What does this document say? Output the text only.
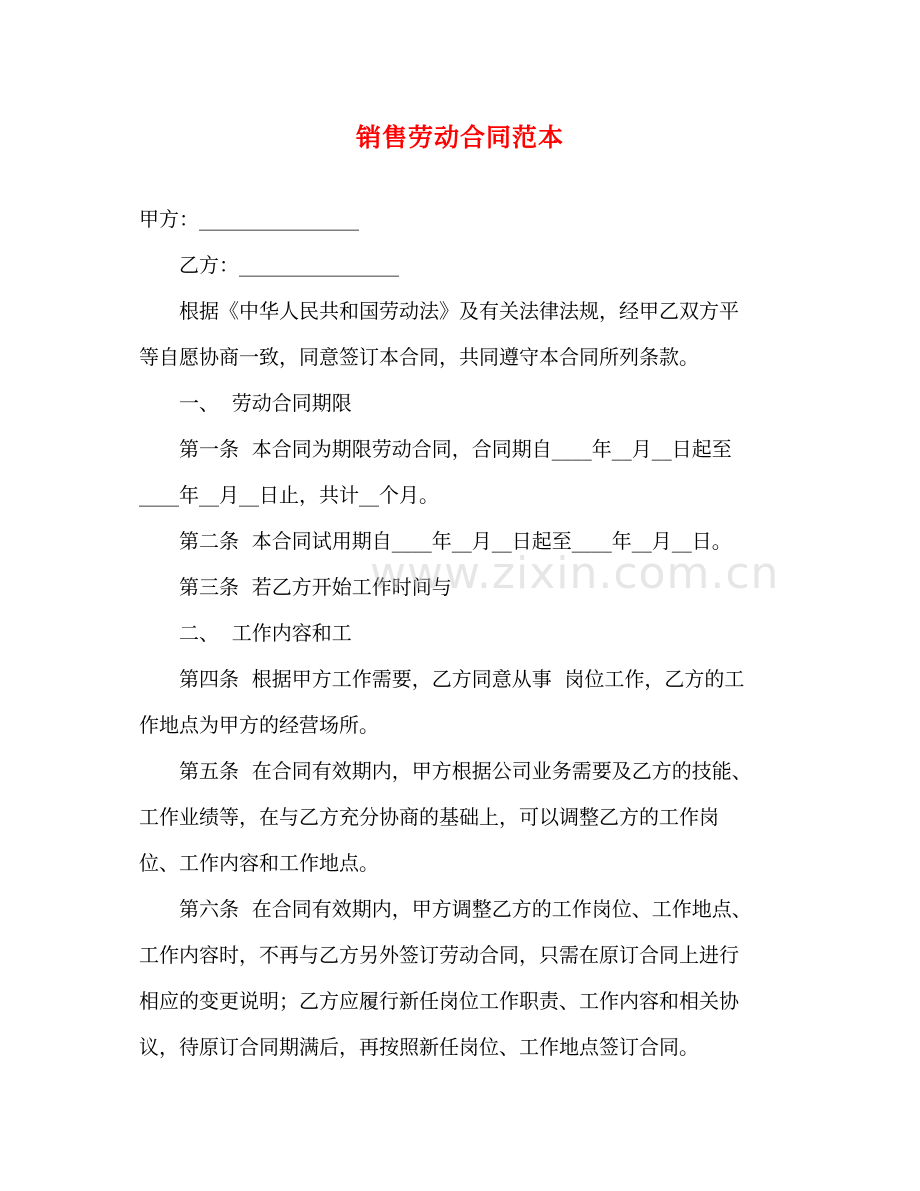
销售劳动合同范本

甲方：________________

乙方：________________

根据《中华人民共和国劳动法》及有关法律法规，经甲乙双方平

等自愿协商一致，同意签订本合同，共同遵守本合同所列条款。

一、  劳动合同期限

第一条  本合同为期限劳动合同，合同期自____年__月__日起至

____年__月__日止，共计__个月。

第二条  本合同试用期自____年__月__日起至____年__月__日。

第三条  若乙方开始工作时间与

二、  工作内容和工

第四条  根据甲方工作需要，乙方同意从事  岗位工作，乙方的工

作地点为甲方的经营场所。

第五条  在合同有效期内，甲方根据公司业务需要及乙方的技能、

工作业绩等，在与乙方充分协商的基础上，可以调整乙方的工作岗

位、工作内容和工作地点。

第六条  在合同有效期内，甲方调整乙方的工作岗位、工作地点、

工作内容时，不再与乙方另外签订劳动合同，只需在原订合同上进行

相应的变更说明；乙方应履行新任岗位工作职责、工作内容和相关协

议，待原订合同期满后，再按照新任岗位、工作地点签订合同。

www.zixin.com.cn
